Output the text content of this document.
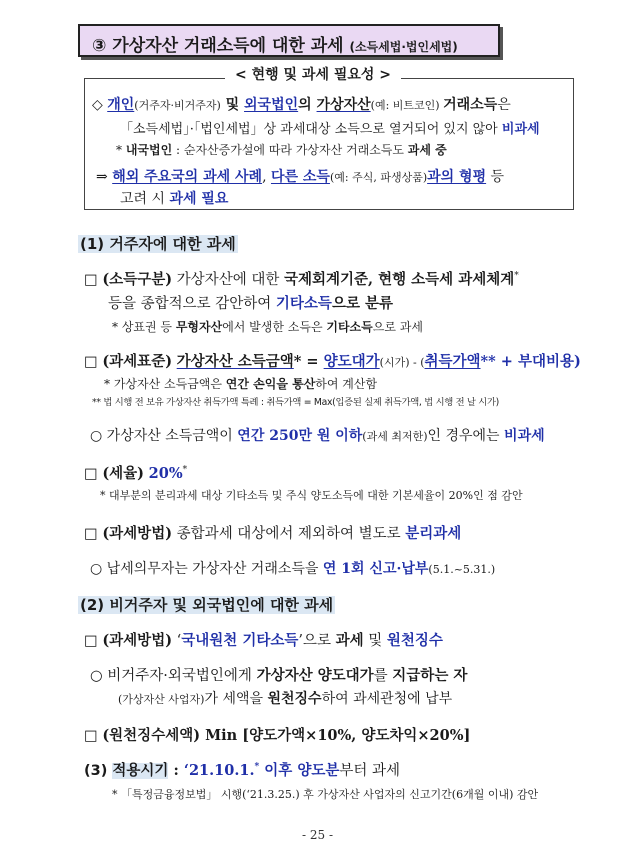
③ 가상자산 거래소득에 대한 과세 (소득세법·법인세법)
< 현행 및 과세 필요성 >
◇ 개인(거주자·비거주자) 및 외국법인의 가상자산(예: 비트코인) 거래소득은
「소득세법」·「법인세법」상 과세대상 소득으로 열거되어 있지 않아 비과세
* 내국법인 : 순자산증가설에 따라 가상자산 거래소득도 과세 중
⇒ 해외 주요국의 과세 사례, 다른 소득(예: 주식, 파생상품)과의 형평 등
고려 시 과세 필요
(1) 거주자에 대한 과세
□ (소득구분) 가상자산에 대한 국제회계기준, 현행 소득세 과세체계*
등을 종합적으로 감안하여 기타소득으로 분류
* 상표권 등 무형자산에서 발생한 소득은 기타소득으로 과세
□ (과세표준) 가상자산 소득금액* = 양도대가(시가) - (취득가액** + 부대비용)
* 가상자산 소득금액은 연간 손익을 통산하여 계산함
** 법 시행 전 보유 가상자산 취득가액 특례 : 취득가액 = Max(입증된 실제 취득가액, 법 시행 전 날 시가)
○ 가상자산 소득금액이 연간 250만 원 이하(과세 최저한)인 경우에는 비과세
□ (세율) 20%*
* 대부분의 분리과세 대상 기타소득 및 주식 양도소득에 대한 기본세율이 20%인 점 감안
□ (과세방법) 종합과세 대상에서 제외하여 별도로 분리과세
○ 납세의무자는 가상자산 거래소득을 연 1회 신고·납부(5.1.~5.31.)
(2) 비거주자 및 외국법인에 대한 과세
□ (과세방법) ‘국내원천 기타소득’으로 과세 및 원천징수
○ 비거주자·외국법인에게 가상자산 양도대가를 지급하는 자
(가상자산 사업자)가 세액을 원천징수하여 과세관청에 납부
□ (원천징수세액) Min [양도가액×10%, 양도차익×20%]
(3) 적용시기 : ‘21.10.1.* 이후 양도분부터 과세
* 「특정금융정보법」 시행(‘21.3.25.) 후 가상자산 사업자의 신고기간(6개월 이내) 감안
- 25 -
